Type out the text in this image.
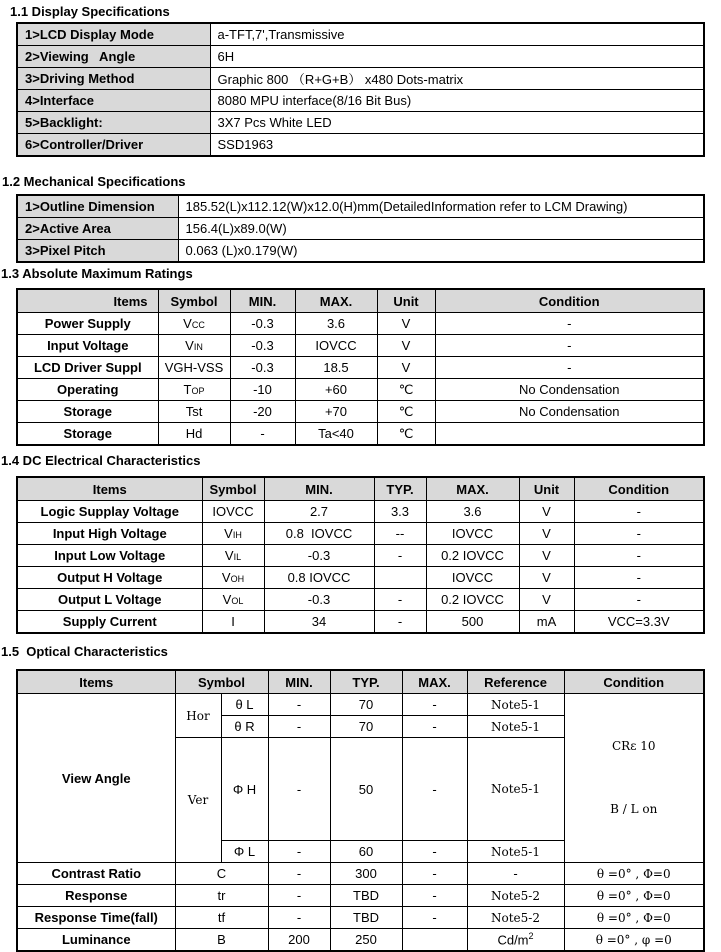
1.1 Display Specifications
1>LCD Display Mode	a-TFT,7',Transmissive
2>Viewing   Angle	6H
3>Driving Method	Graphic 800 （R+G+B） x480 Dots-matrix
4>Interface	8080 MPU interface(8/16 Bit Bus)
5>Backlight:	3X7 Pcs White LED
6>Controller/Driver	SSD1963
1.2 Mechanical Specifications
1>Outline Dimension	185.52(L)x112.12(W)x12.0(H)mm(DetailedInformation refer to LCM Drawing)
2>Active Area	156.4(L)x89.0(W)
3>Pixel Pitch	0.063 (L)x0.179(W)
1.3 Absolute Maximum Ratings
Items	Symbol	MIN.	MAX.	Unit	Condition
Power Supply	VCC	-0.3	3.6	V	-
Input Voltage	VIN	-0.3	IOVCC	V	-
LCD Driver Suppl	VGH-VSS	-0.3	18.5	V	-
Operating	TOP	-10	+60	℃	No Condensation
Storage	Tst	-20	+70	℃	No Condensation
Storage	Hd	-	Ta<40	℃	
1.4 DC Electrical Characteristics
Items	Symbol	MIN.	TYP.	MAX.	Unit	Condition
Logic Supplay Voltage	IOVCC	2.7	3.3	3.6	V	-
Input High Voltage	VIH	0.8  IOVCC	--	IOVCC	V	-
Input Low Voltage	VIL	-0.3	-	0.2 IOVCC	V	-
Output H Voltage	VOH	0.8 IOVCC		IOVCC	V	-
Output L Voltage	VOL	-0.3	-	0.2 IOVCC	V	-
Supply Current	I	34	-	500	mA	VCC=3.3V
1.5  Optical Characteristics
Items	Symbol		MIN.	TYP.	MAX.	Reference	Condition
View Angle	Hor	θ L	-	70	-	Note5-1	CRε 10

B / L on

		θ R	-	70	-	Note5-1	
	Ver	Φ H	-	50	-	Note5-1	
		Φ L	-	60	-	Note5-1	
Contrast Ratio	C		-	300	-	-	θ =0° , Φ=0
Response	tr		-	TBD	-	Note5-2	θ =0° , Φ=0
Response Time(fall)	tf		-	TBD	-	Note5-2	θ =0° , Φ=0
Luminance	B		200	250		$Cd/m^2$	θ =0° , φ =0
